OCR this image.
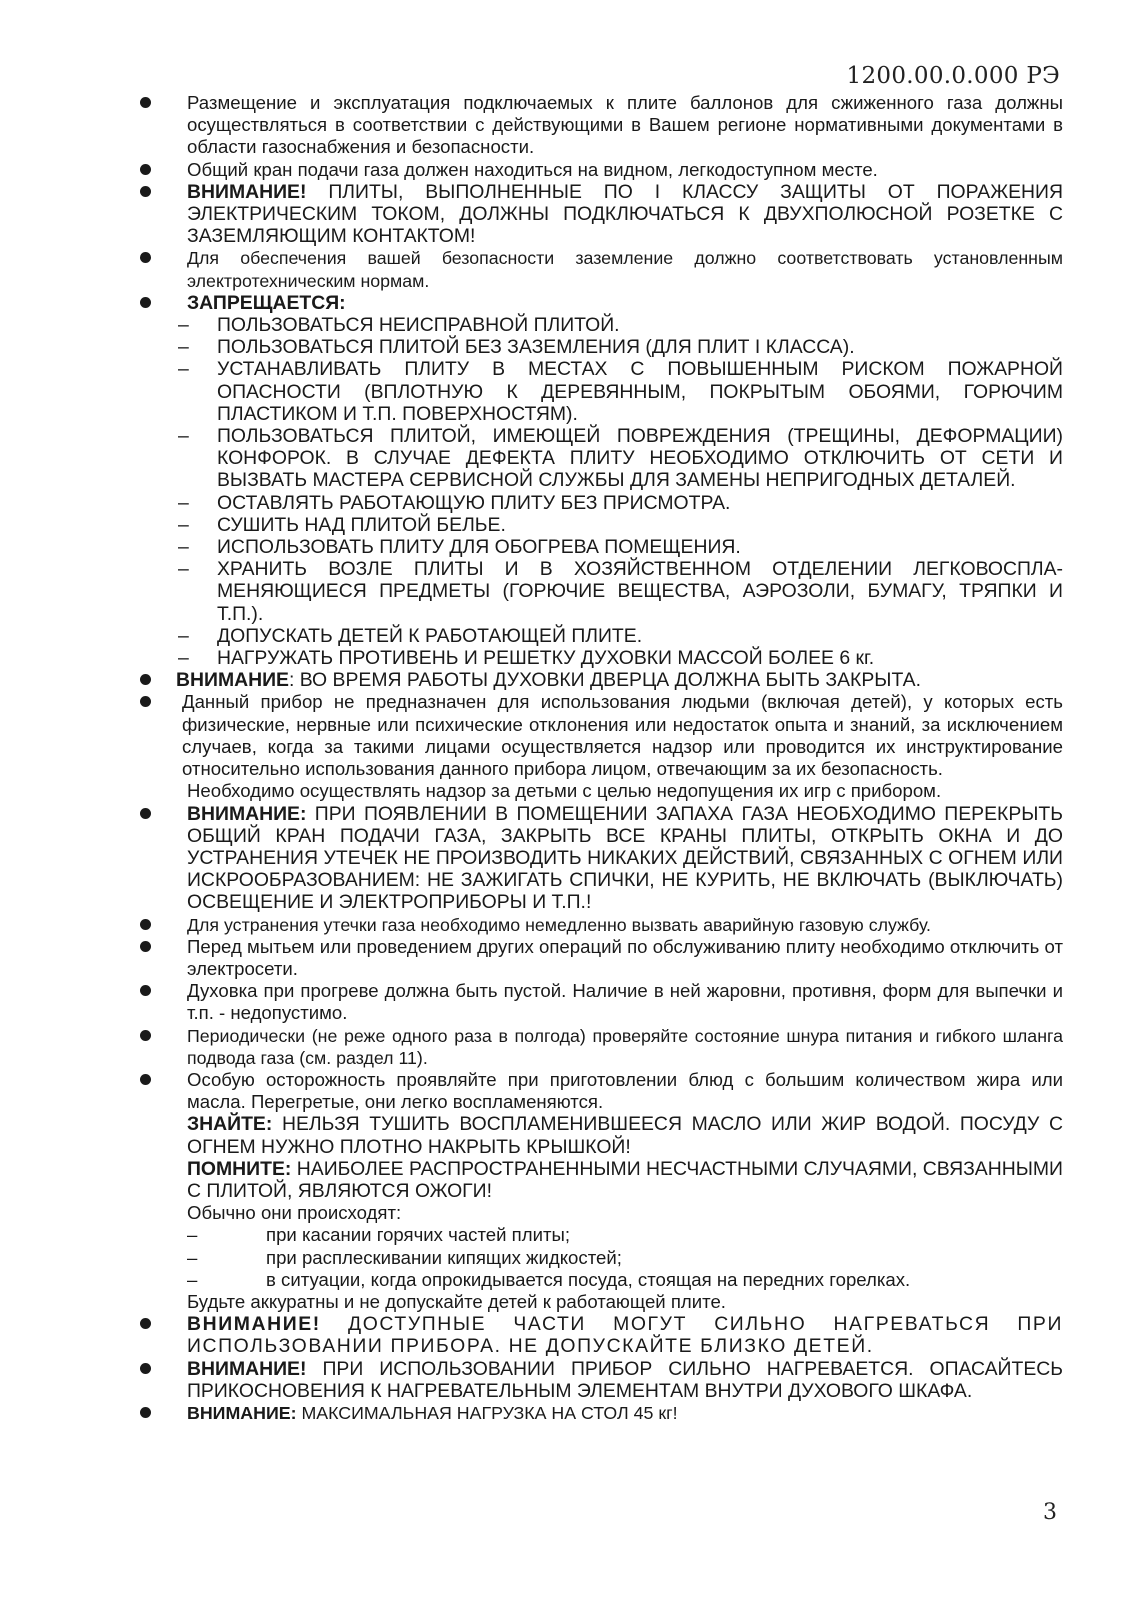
1200.00.0.000 РЭ
Размещение и эксплуатация подключаемых к плите баллонов для сжиженного газа должны осуществляться в соответствии с действующими в Вашем регионе нормативными документами в области газоснабжения и безопасности.
Общий кран подачи газа должен находиться на видном, легкодоступном месте.
ВНИМАНИЕ! ПЛИТЫ, ВЫПОЛНЕННЫЕ ПО I КЛАССУ ЗАЩИТЫ ОТ ПОРАЖЕНИЯ ЭЛЕКТРИЧЕСКИМ ТОКОМ, ДОЛЖНЫ ПОДКЛЮЧАТЬСЯ К ДВУХПОЛЮСНОЙ РОЗЕТКЕ С ЗАЗЕМЛЯЮЩИМ КОНТАКТОМ!
Для обеспечения вашей безопасности заземление должно соответствовать установленным электротехническим нормам.
ЗАПРЕЩАЕТСЯ:
– ПОЛЬЗОВАТЬСЯ НЕИСПРАВНОЙ ПЛИТОЙ.
– ПОЛЬЗОВАТЬСЯ ПЛИТОЙ БЕЗ ЗАЗЕМЛЕНИЯ (ДЛЯ ПЛИТ I КЛАССА).
– УСТАНАВЛИВАТЬ ПЛИТУ В МЕСТАХ С ПОВЫШЕННЫМ РИСКОМ ПОЖАРНОЙ ОПАСНОСТИ (ВПЛОТНУЮ К ДЕРЕВЯННЫМ, ПОКРЫТЫМ ОБОЯМИ, ГОРЮЧИМ ПЛАСТИКОМ И Т.П. ПОВЕРХНОСТЯМ).
– ПОЛЬЗОВАТЬСЯ ПЛИТОЙ, ИМЕЮЩЕЙ ПОВРЕЖДЕНИЯ (ТРЕЩИНЫ, ДЕФОРМАЦИИ) КОНФОРОК. В СЛУЧАЕ ДЕФЕКТА ПЛИТУ НЕОБХОДИМО ОТКЛЮЧИТЬ ОТ СЕТИ И ВЫЗВАТЬ МАСТЕРА СЕРВИСНОЙ СЛУЖБЫ ДЛЯ ЗАМЕНЫ НЕПРИГОДНЫХ ДЕТАЛЕЙ.
– ОСТАВЛЯТЬ РАБОТАЮЩУЮ ПЛИТУ БЕЗ ПРИСМОТРА.
– СУШИТЬ НАД ПЛИТОЙ БЕЛЬЕ.
– ИСПОЛЬЗОВАТЬ ПЛИТУ ДЛЯ ОБОГРЕВА ПОМЕЩЕНИЯ.
– ХРАНИТЬ ВОЗЛЕ ПЛИТЫ И В ХОЗЯЙСТВЕННОМ ОТДЕЛЕНИИ ЛЕГКОВОСПЛА-МЕНЯЮЩИЕСЯ ПРЕДМЕТЫ (ГОРЮЧИЕ ВЕЩЕСТВА, АЭРОЗОЛИ, БУМАГУ, ТРЯПКИ И Т.П.).
– ДОПУСКАТЬ ДЕТЕЙ К РАБОТАЮЩЕЙ ПЛИТЕ.
– НАГРУЖАТЬ ПРОТИВЕНЬ И РЕШЕТКУ ДУХОВКИ МАССОЙ БОЛЕЕ 6 кг.
ВНИМАНИЕ: ВО ВРЕМЯ РАБОТЫ ДУХОВКИ ДВЕРЦА ДОЛЖНА БЫТЬ ЗАКРЫТА.
Данный прибор не предназначен для использования людьми (включая детей), у которых есть физические, нервные или психические отклонения или недостаток опыта и знаний, за исключением случаев, когда за такими лицами осуществляется надзор или проводится их инструктирование относительно использования данного прибора лицом, отвечающим за их безопасность.
Необходимо осуществлять надзор за детьми с целью недопущения их игр с прибором.
ВНИМАНИЕ: ПРИ ПОЯВЛЕНИИ В ПОМЕЩЕНИИ ЗАПАХА ГАЗА НЕОБХОДИМО ПЕРЕКРЫТЬ ОБЩИЙ КРАН ПОДАЧИ ГАЗА, ЗАКРЫТЬ ВСЕ КРАНЫ ПЛИТЫ, ОТКРЫТЬ ОКНА И ДО УСТРАНЕНИЯ УТЕЧЕК НЕ ПРОИЗВОДИТЬ НИКАКИХ ДЕЙСТВИЙ, СВЯЗАННЫХ С ОГНЕМ ИЛИ ИСКРООБРАЗОВАНИЕМ: НЕ ЗАЖИГАТЬ СПИЧКИ, НЕ КУРИТЬ, НЕ ВКЛЮЧАТЬ (ВЫКЛЮЧАТЬ) ОСВЕЩЕНИЕ И ЭЛЕКТРОПРИБОРЫ И Т.П.!
Для устранения утечки газа необходимо немедленно вызвать аварийную газовую службу.
Перед мытьем или проведением других операций по обслуживанию плиту необходимо отключить от электросети.
Духовка при прогреве должна быть пустой. Наличие в ней жаровни, противня, форм для выпечки и т.п. - недопустимо.
Периодически (не реже одного раза в полгода) проверяйте состояние шнура питания и гибкого шланга подвода газа (см. раздел 11).
Особую осторожность проявляйте при приготовлении блюд с большим количеством жира или масла. Перегретые, они легко воспламеняются.
ЗНАЙТЕ: НЕЛЬЗЯ ТУШИТЬ ВОСПЛАМЕНИВШЕЕСЯ МАСЛО ИЛИ ЖИР ВОДОЙ. ПОСУДУ С ОГНЕМ НУЖНО ПЛОТНО НАКРЫТЬ КРЫШКОЙ!
ПОМНИТЕ: НАИБОЛЕЕ РАСПРОСТРАНЕННЫМИ НЕСЧАСТНЫМИ СЛУЧАЯМИ, СВЯЗАННЫМИ С ПЛИТОЙ, ЯВЛЯЮТСЯ ОЖОГИ!
Обычно они происходят:
–	при касании горячих частей плиты;
–	при расплескивании кипящих жидкостей;
–	в ситуации, когда опрокидывается посуда, стоящая на передних горелках.
Будьте аккуратны и не допускайте детей к работающей плите.
ВНИМАНИЕ! ДОСТУПНЫЕ ЧАСТИ МОГУТ СИЛЬНО НАГРЕВАТЬСЯ ПРИ ИСПОЛЬЗОВАНИИ ПРИБОРА. НЕ ДОПУСКАЙТЕ БЛИЗКО ДЕТЕЙ.
ВНИМАНИЕ! ПРИ ИСПОЛЬЗОВАНИИ ПРИБОР СИЛЬНО НАГРЕВАЕТСЯ. ОПАСАЙТЕСЬ ПРИКОСНОВЕНИЯ К НАГРЕВАТЕЛЬНЫМ ЭЛЕМЕНТАМ ВНУТРИ ДУХОВОГО ШКАФА.
ВНИМАНИЕ: МАКСИМАЛЬНАЯ НАГРУЗКА НА СТОЛ 45 кг!
3
